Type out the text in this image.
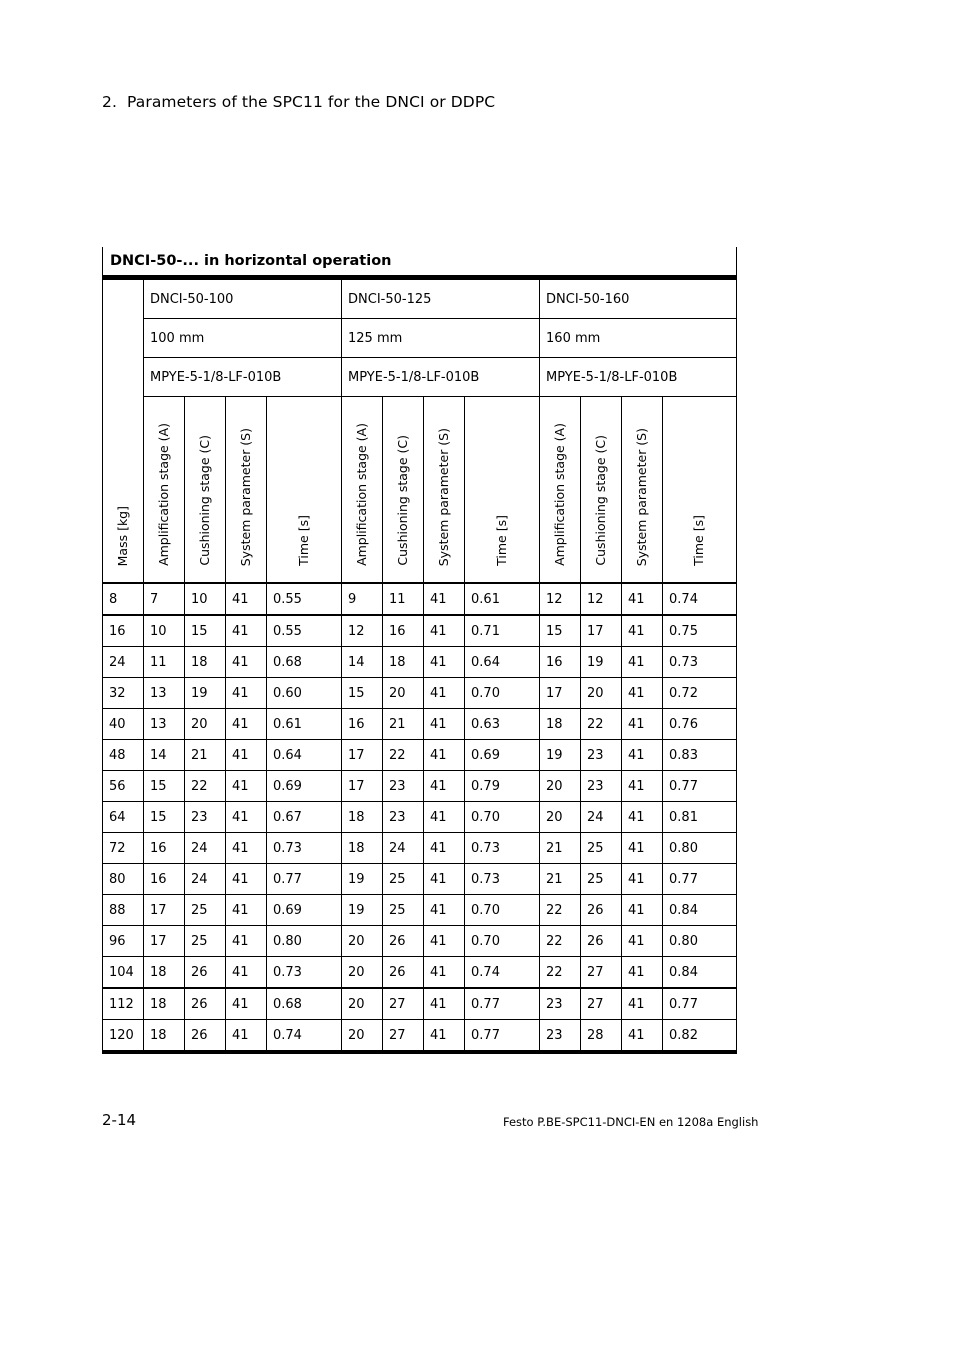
2. Parameters of the SPC11 for the DNCI or DDPC
DNCI-50-... in horizontal operation
Mass [kg]	DNCI-50-100				DNCI-50-125				DNCI-50-160			
	100 mm				125 mm				160 mm			
	MPYE-5-1/8-LF-010B				MPYE-5-1/8-LF-010B				MPYE-5-1/8-LF-010B			

	Amplification stage (A)	Cushioning stage (C)	System parameter (S)	Time [s]	Amplification stage (A)	Cushioning stage (C)	System parameter (S)	Time [s]	Amplification stage (A)	Cushioning stage (C)	System parameter (S)	Time [s]

8	7	10	41	0.55	9	11	41	0.61	12	12	41	0.74
16	10	15	41	0.55	12	16	41	0.71	15	17	41	0.75
24	11	18	41	0.68	14	18	41	0.64	16	19	41	0.73
32	13	19	41	0.60	15	20	41	0.70	17	20	41	0.72
40	13	20	41	0.61	16	21	41	0.63	18	22	41	0.76
48	14	21	41	0.64	17	22	41	0.69	19	23	41	0.83
56	15	22	41	0.69	17	23	41	0.79	20	23	41	0.77
64	15	23	41	0.67	18	23	41	0.70	20	24	41	0.81
72	16	24	41	0.73	18	24	41	0.73	21	25	41	0.80
80	16	24	41	0.77	19	25	41	0.73	21	25	41	0.77
88	17	25	41	0.69	19	25	41	0.70	22	26	41	0.84
96	17	25	41	0.80	20	26	41	0.70	22	26	41	0.80
104	18	26	41	0.73	20	26	41	0.74	22	27	41	0.84
112	18	26	41	0.68	20	27	41	0.77	23	27	41	0.77
120	18	26	41	0.74	20	27	41	0.77	23	28	41	0.82
2-14	Festo P.BE-SPC11-DNCI-EN en 1208a English
